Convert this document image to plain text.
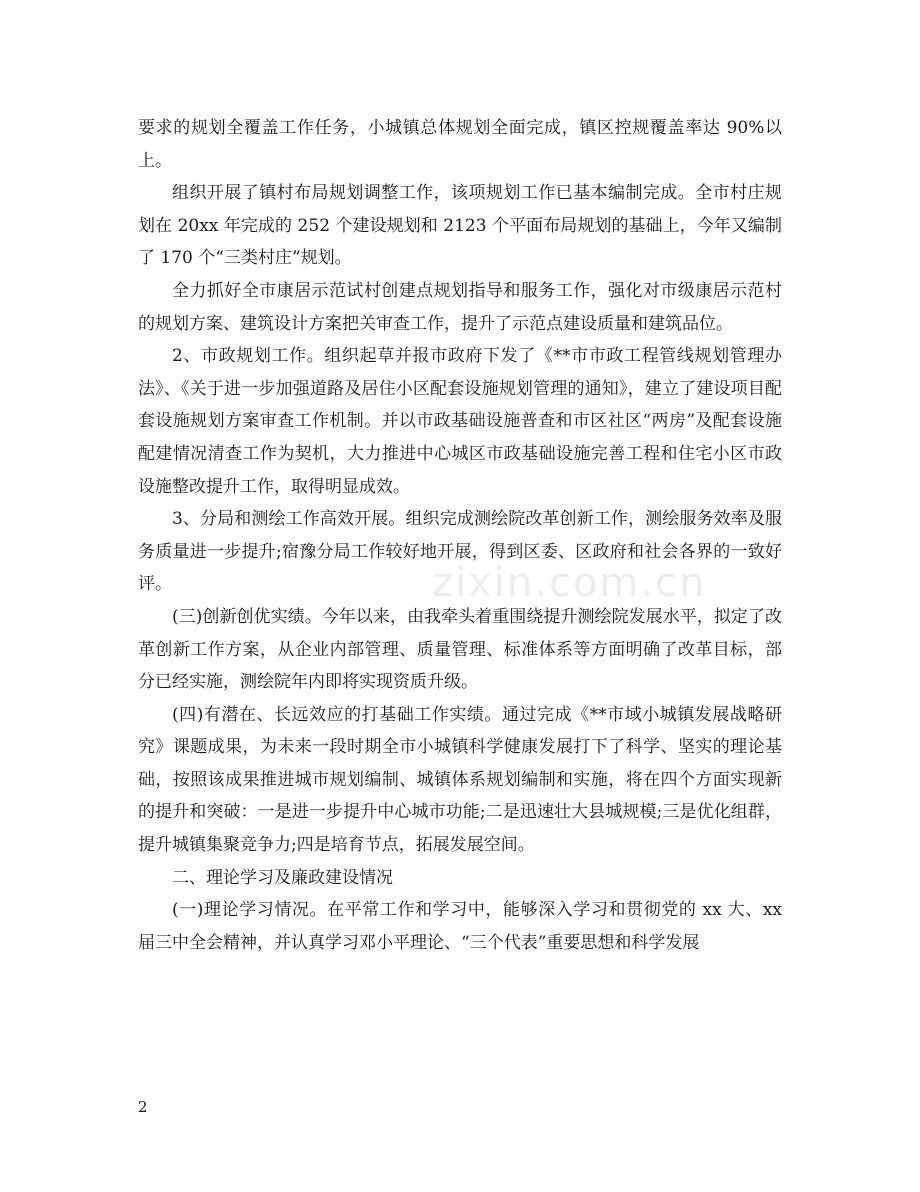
要求的规划全覆盖工作任务，小城镇总体规划全面完成，镇区控规覆盖率达 90%以上。

组织开展了镇村布局规划调整工作，该项规划工作已基本编制完成。全市村庄规划在 20xx 年完成的 252 个建设规划和 2123 个平面布局规划的基础上，今年又编制了 170 个“三类村庄”规划。

全力抓好全市康居示范试村创建点规划指导和服务工作，强化对市级康居示范村的规划方案、建筑设计方案把关审查工作，提升了示范点建设质量和建筑品位。

2、市政规划工作。组织起草并报市政府下发了《**市市政工程管线规划管理办法》、《关于进一步加强道路及居住小区配套设施规划管理的通知》，建立了建设项目配套设施规划方案审查工作机制。并以市政基础设施普查和市区社区“两房”及配套设施配建情况清查工作为契机，大力推进中心城区市政基础设施完善工程和住宅小区市政设施整改提升工作，取得明显成效。

3、分局和测绘工作高效开展。组织完成测绘院改革创新工作，测绘服务效率及服务质量进一步提升;宿豫分局工作较好地开展，得到区委、区政府和社会各界的一致好评。

(三)创新创优实绩。今年以来，由我牵头着重围绕提升测绘院发展水平，拟定了改革创新工作方案，从企业内部管理、质量管理、标准体系等方面明确了改革目标，部分已经实施，测绘院年内即将实现资质升级。

(四)有潜在、长远效应的打基础工作实绩。通过完成《**市域小城镇发展战略研究》课题成果，为未来一段时期全市小城镇科学健康发展打下了科学、坚实的理论基础，按照该成果推进城市规划编制、城镇体系规划编制和实施，将在四个方面实现新的提升和突破：一是进一步提升中心城市功能;二是迅速壮大县城规模;三是优化组群，提升城镇集聚竞争力;四是培育节点，拓展发展空间。

二、理论学习及廉政建设情况

(一)理论学习情况。在平常工作和学习中，能够深入学习和贯彻党的 xx 大、xx 届三中全会精神，并认真学习邓小平理论、“三个代表”重要思想和科学发展

zixin.com.cn
2
